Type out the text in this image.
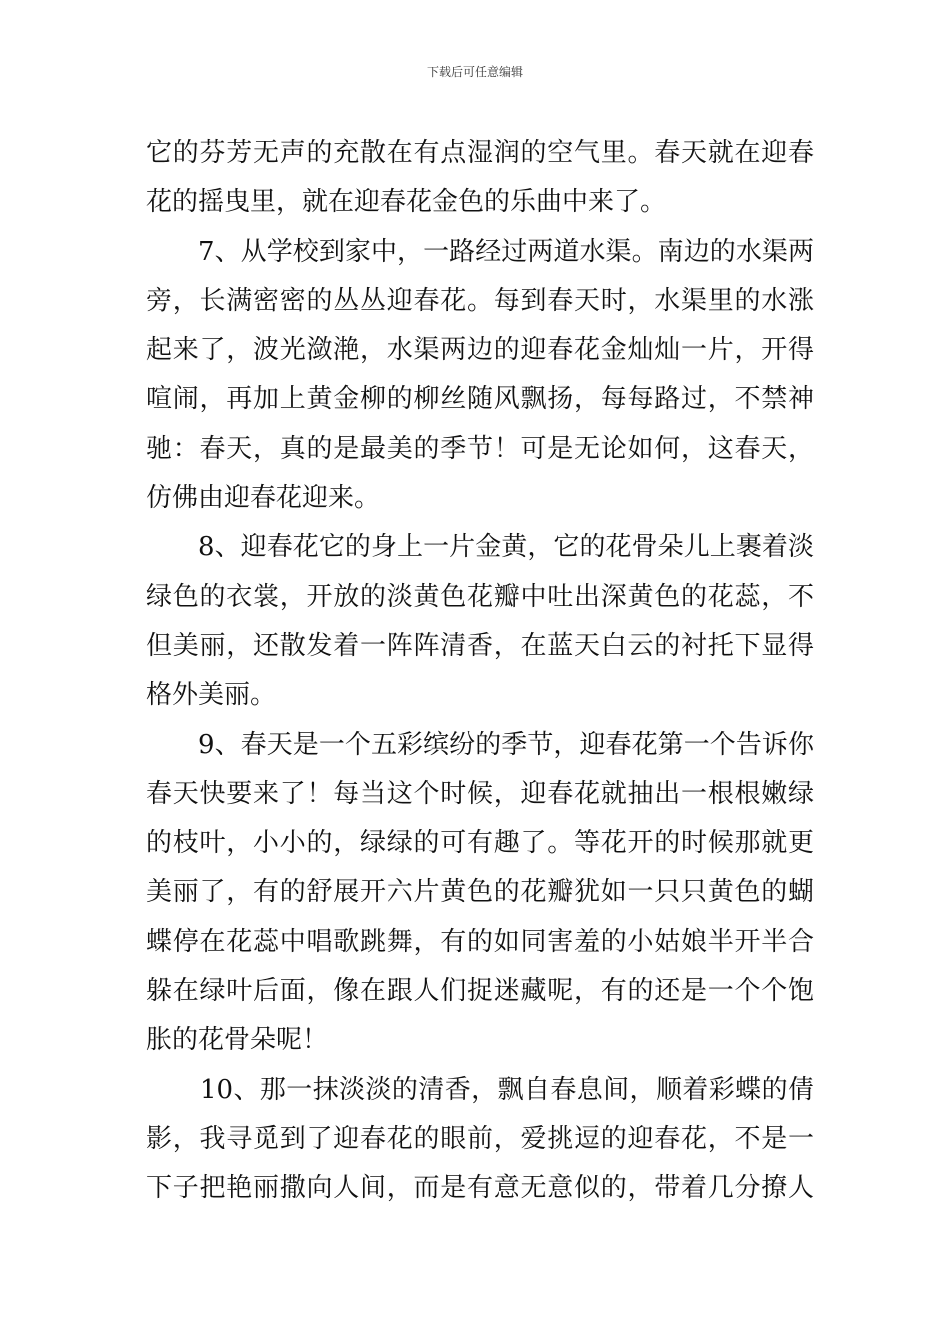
下载后可任意编辑
它的芬芳无声的充散在有点湿润的空气里。春天就在迎春
花的摇曳里，就在迎春花金色的乐曲中来了。
7、从学校到家中，一路经过两道水渠。南边的水渠两
旁，长满密密的丛丛迎春花。每到春天时，水渠里的水涨
起来了，波光潋滟，水渠两边的迎春花金灿灿一片，开得
喧闹，再加上黄金柳的柳丝随风飘扬，每每路过，不禁神
驰：春天，真的是最美的季节！可是无论如何，这春天，
仿佛由迎春花迎来。
8、迎春花它的身上一片金黄，它的花骨朵儿上裹着淡
绿色的衣裳，开放的淡黄色花瓣中吐出深黄色的花蕊，不
但美丽，还散发着一阵阵清香，在蓝天白云的衬托下显得
格外美丽。
9、春天是一个五彩缤纷的季节，迎春花第一个告诉你
春天快要来了！每当这个时候，迎春花就抽出一根根嫩绿
的枝叶，小小的，绿绿的可有趣了。等花开的时候那就更
美丽了，有的舒展开六片黄色的花瓣犹如一只只黄色的蝴
蝶停在花蕊中唱歌跳舞，有的如同害羞的小姑娘半开半合
躲在绿叶后面，像在跟人们捉迷藏呢，有的还是一个个饱
胀的花骨朵呢！
10、那一抹淡淡的清香，飘自春息间，顺着彩蝶的倩
影，我寻觅到了迎春花的眼前，爱挑逗的迎春花，不是一
下子把艳丽撒向人间，而是有意无意似的，带着几分撩人
